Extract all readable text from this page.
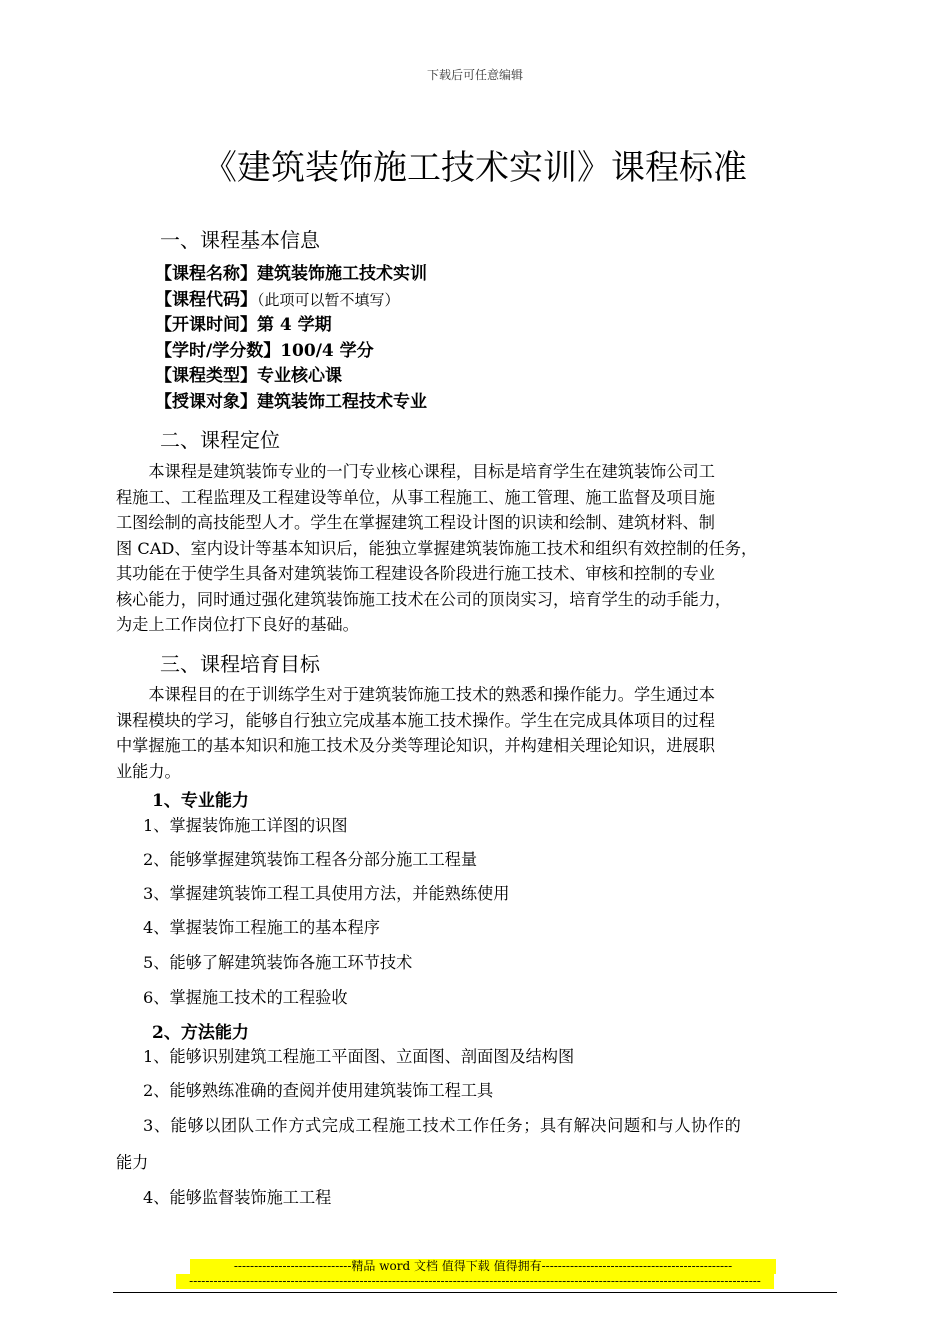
下载后可任意编辑
《建筑装饰施工技术实训》课程标准
一、课程基本信息
【课程名称】建筑装饰施工技术实训
【课程代码】（此项可以暂不填写）
【开课时间】第 4 学期
【学时/学分数】100/4 学分
【课程类型】专业核心课
【授课对象】建筑装饰工程技术专业
二、课程定位
　　本课程是建筑装饰专业的一门专业核心课程，目标是培育学生在建筑装饰公司工
程施工、工程监理及工程建设等单位，从事工程施工、施工管理、施工监督及项目施
工图绘制的高技能型人才。学生在掌握建筑工程设计图的识读和绘制、建筑材料、制
图 CAD、室内设计等基本知识后，能独立掌握建筑装饰施工技术和组织有效控制的任务，
其功能在于使学生具备对建筑装饰工程建设各阶段进行施工技术、审核和控制的专业
核心能力，同时通过强化建筑装饰施工技术在公司的顶岗实习，培育学生的动手能力，
为走上工作岗位打下良好的基础。
三、课程培育目标
　　本课程目的在于训练学生对于建筑装饰施工技术的熟悉和操作能力。学生通过本
课程模块的学习，能够自行独立完成基本施工技术操作。学生在完成具体项目的过程
中掌握施工的基本知识和施工技术及分类等理论知识，并构建相关理论知识，进展职
业能力。
1、专业能力
1、掌握装饰施工详图的识图
2、能够掌握建筑装饰工程各分部分施工工程量
3、掌握建筑装饰工程工具使用方法，并能熟练使用
4、掌握装饰工程施工的基本程序
5、能够了解建筑装饰各施工环节技术
6、掌握施工技术的工程验收
2、方法能力
1、能够识别建筑工程施工平面图、立面图、剖面图及结构图
2、能够熟练准确的查阅并使用建筑装饰工程工具
3、能够以团队工作方式完成工程施工技术工作任务；具有解决问题和与人协作的
能力
4、能够监督装饰施工工程
-----------------------------精品 word 文档 值得下载 值得拥有-----------------------------------------------
---------------------------------------------------------------------------------------------------------------------------------------------
